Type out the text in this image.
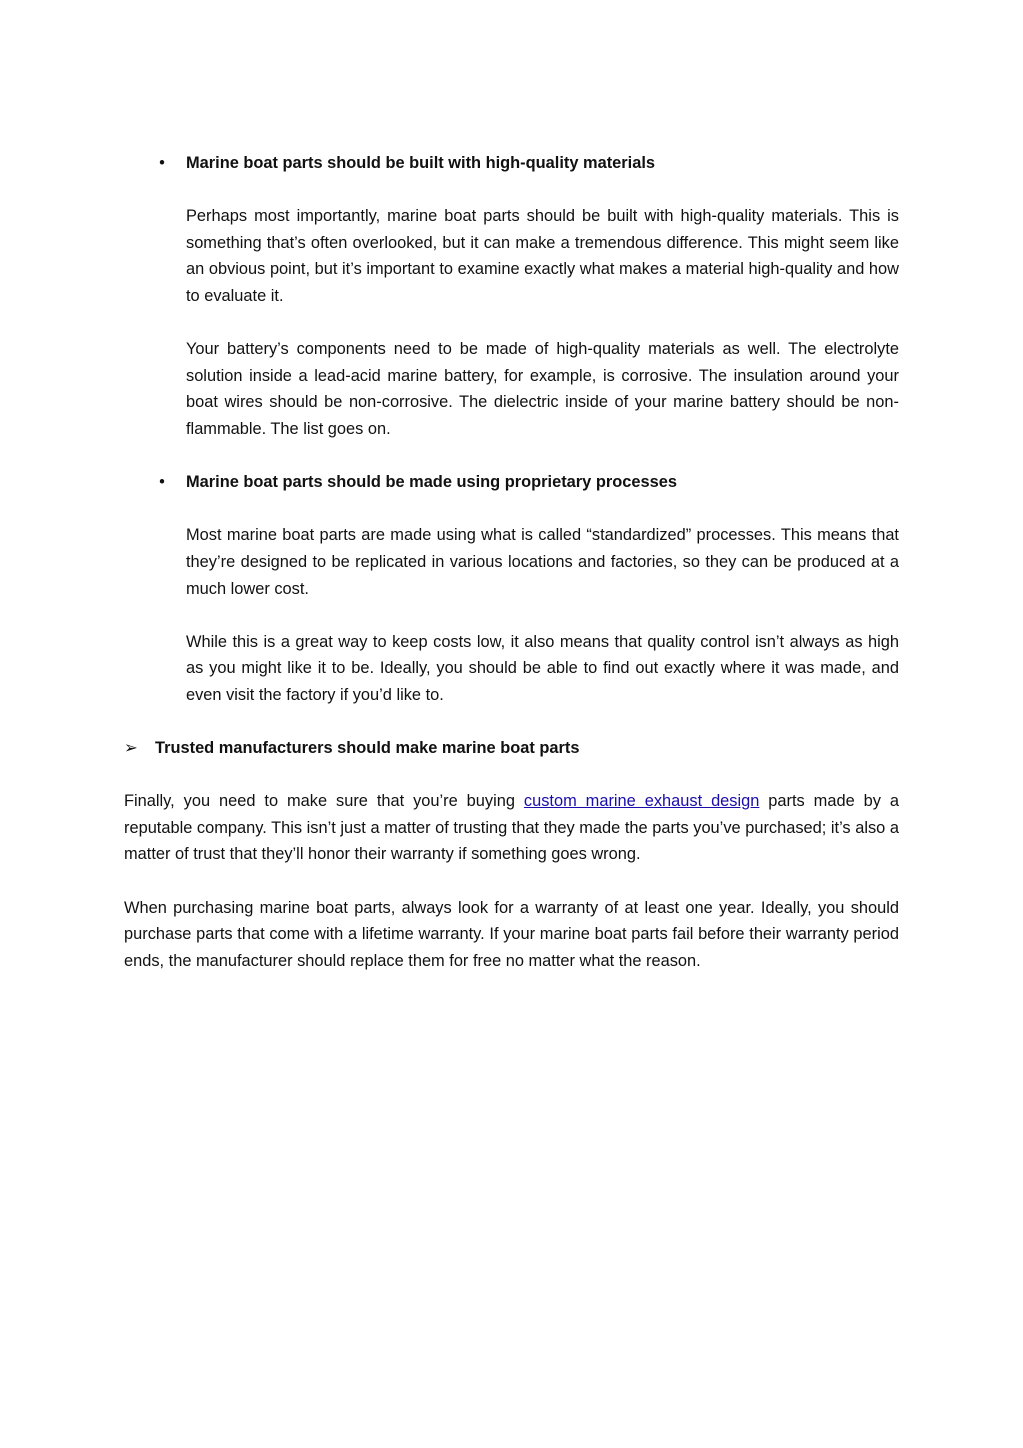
•	Marine boat parts should be built with high-quality materials

Perhaps most importantly, marine boat parts should be built with high-quality materials. This is something that’s often overlooked, but it can make a tremendous difference. This might seem like an obvious point, but it’s important to examine exactly what makes a material high-quality and how to evaluate it.

Your battery’s components need to be made of high-quality materials as well. The electrolyte solution inside a lead-acid marine battery, for example, is corrosive. The insulation around your boat wires should be non-corrosive. The dielectric inside of your marine battery should be non-flammable. The list goes on.

•	Marine boat parts should be made using proprietary processes

Most marine boat parts are made using what is called “standardized” processes. This means that they’re designed to be replicated in various locations and factories, so they can be produced at a much lower cost.

While this is a great way to keep costs low, it also means that quality control isn’t always as high as you might like it to be. Ideally, you should be able to find out exactly where it was made, and even visit the factory if you’d like to.

➢ Trusted manufacturers should make marine boat parts

Finally, you need to make sure that you’re buying custom marine exhaust design parts made by a reputable company. This isn’t just a matter of trusting that they made the parts you’ve purchased; it’s also a matter of trust that they’ll honor their warranty if something goes wrong.

When purchasing marine boat parts, always look for a warranty of at least one year. Ideally, you should purchase parts that come with a lifetime warranty. If your marine boat parts fail before their warranty period ends, the manufacturer should replace them for free no matter what the reason.
